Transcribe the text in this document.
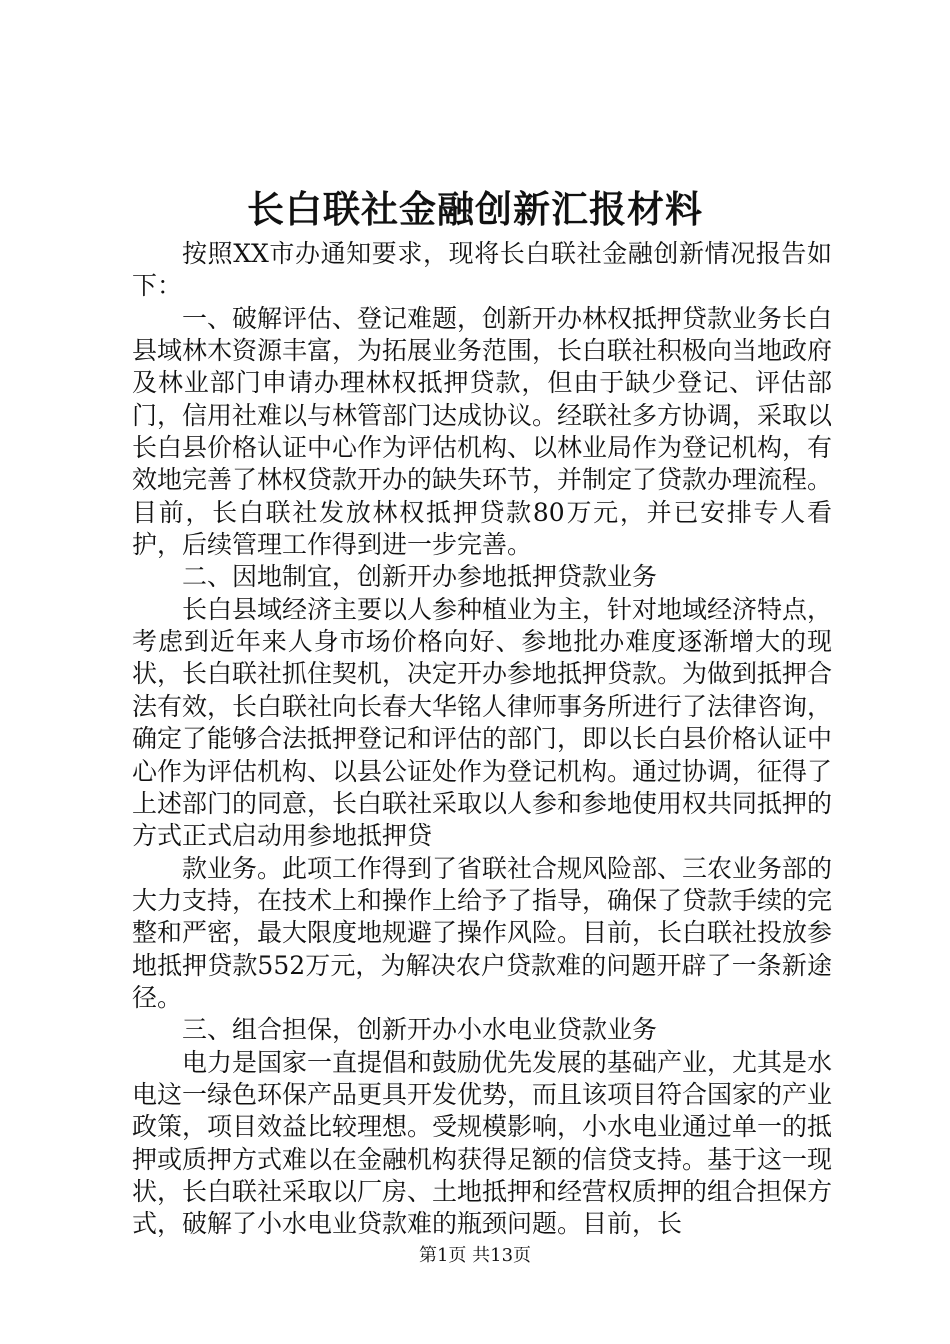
长白联社金融创新汇报材料

按照XX市办通知要求，现将长白联社金融创新情况报告如下：

一、破解评估、登记难题，创新开办林权抵押贷款业务长白县域林木资源丰富，为拓展业务范围，长白联社积极向当地政府及林业部门申请办理林权抵押贷款，但由于缺少登记、评估部门，信用社难以与林管部门达成协议。经联社多方协调，采取以长白县价格认证中心作为评估机构、以林业局作为登记机构，有效地完善了林权贷款开办的缺失环节，并制定了贷款办理流程。目前，长白联社发放林权抵押贷款80万元，并已安排专人看护，后续管理工作得到进一步完善。

二、因地制宜，创新开办参地抵押贷款业务

长白县域经济主要以人参种植业为主，针对地域经济特点，考虑到近年来人身市场价格向好、参地批办难度逐渐增大的现状，长白联社抓住契机，决定开办参地抵押贷款。为做到抵押合法有效，长白联社向长春大华铭人律师事务所进行了法律咨询，确定了能够合法抵押登记和评估的部门，即以长白县价格认证中心作为评估机构、以县公证处作为登记机构。通过协调，征得了上述部门的同意，长白联社采取以人参和参地使用权共同抵押的方式正式启动用参地抵押贷

款业务。此项工作得到了省联社合规风险部、三农业务部的大力支持，在技术上和操作上给予了指导，确保了贷款手续的完整和严密，最大限度地规避了操作风险。目前，长白联社投放参地抵押贷款552万元，为解决农户贷款难的问题开辟了一条新途径。

三、组合担保，创新开办小水电业贷款业务

电力是国家一直提倡和鼓励优先发展的基础产业，尤其是水电这一绿色环保产品更具开发优势，而且该项目符合国家的产业政策，项目效益比较理想。受规模影响，小水电业通过单一的抵押或质押方式难以在金融机构获得足额的信贷支持。基于这一现状，长白联社采取以厂房、土地抵押和经营权质押的组合担保方式，破解了小水电业贷款难的瓶颈问题。目前，长

第1页 共13页
